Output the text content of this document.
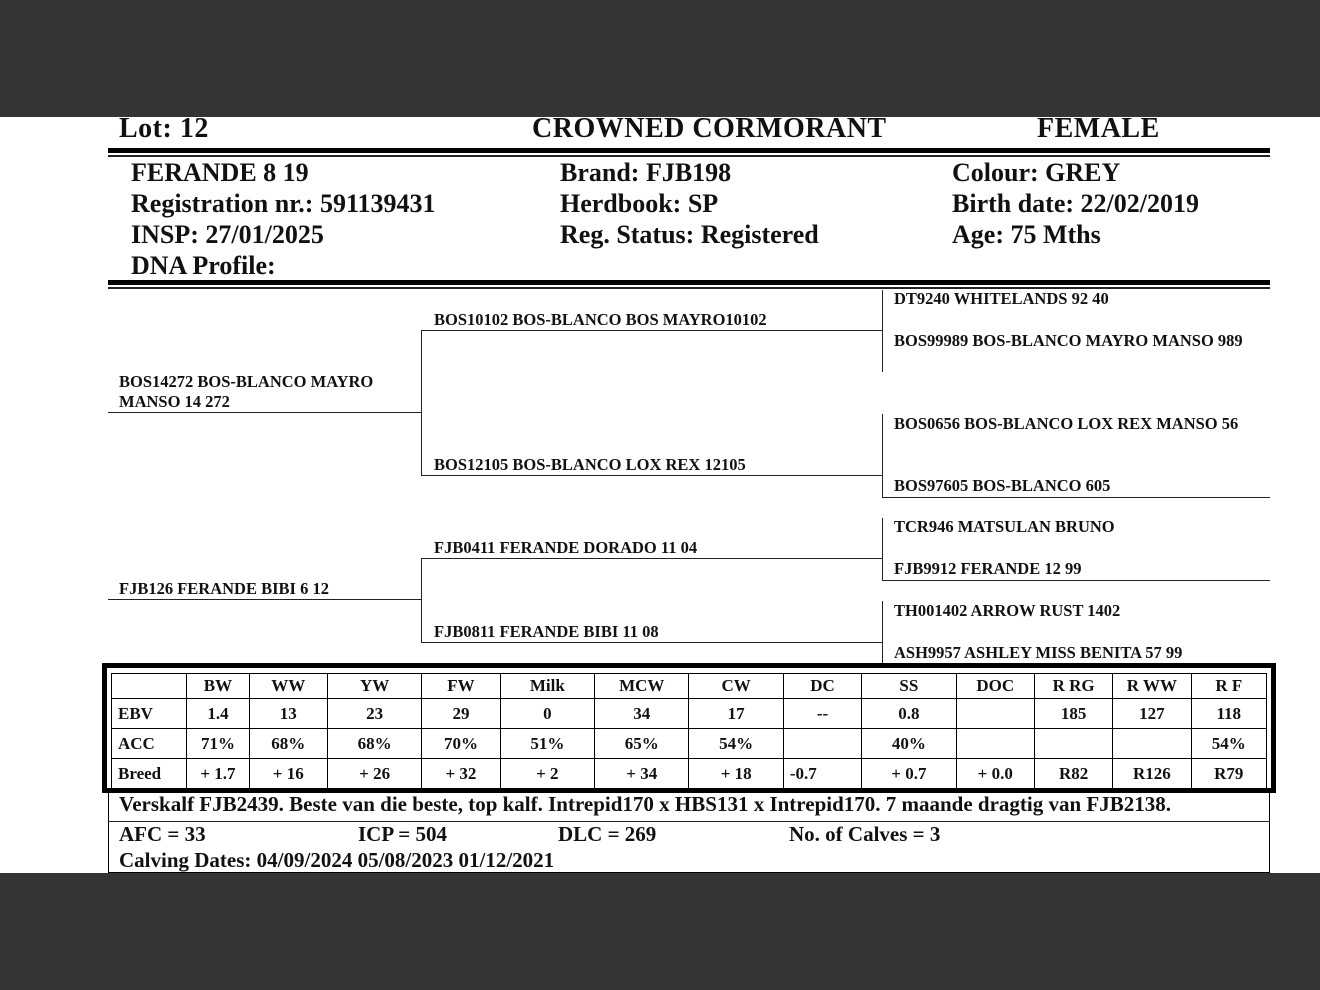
Lot: 12	CROWNED CORMORANT	FEMALE
FERANDE 8 19
Registration nr.: 591139431
INSP: 27/01/2025
DNA Profile:
Brand: FJB198
Herdbook: SP
Reg. Status: Registered
Colour: GREY
Birth date: 22/02/2019
Age: 75 Mths
BOS14272 BOS-BLANCO MAYRO MANSO 14 272
FJB126 FERANDE BIBI 6 12
BOS10102 BOS-BLANCO BOS MAYRO10102
BOS12105 BOS-BLANCO LOX REX 12105
FJB0411 FERANDE DORADO 11 04
FJB0811 FERANDE BIBI 11 08
DT9240 WHITELANDS 92 40
BOS99989 BOS-BLANCO MAYRO MANSO 989
BOS0656 BOS-BLANCO LOX REX MANSO 56
BOS97605 BOS-BLANCO 605
TCR946 MATSULAN BRUNO
FJB9912 FERANDE 12 99
TH001402 ARROW RUST 1402
ASH9957 ASHLEY MISS BENITA 57 99
	BW	WW	YW	FW	Milk	MCW	CW	DC	SS	DOC	R RG	R WW	R F
EBV	1.4	13	23	29	0	34	17	--	0.8		185	127	118
ACC	71%	68%	68%	70%	51%	65%	54%		40%				54%
Breed	+ 1.7	+ 16	+ 26	+ 32	+ 2	+ 34	+ 18	-0.7	+ 0.7	+ 0.0	R82	R126	R79
Verskalf FJB2439. Beste van die beste, top kalf. Intrepid170 x HBS131 x Intrepid170. 7 maande dragtig van FJB2138.
AFC = 33	ICP = 504	DLC = 269	No. of Calves = 3
Calving Dates: 04/09/2024 05/08/2023 01/12/2021
